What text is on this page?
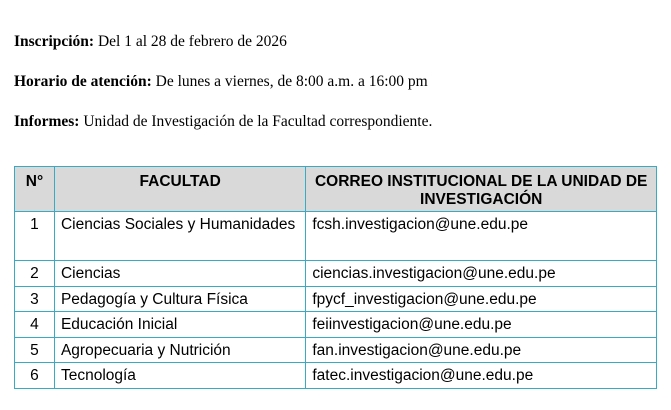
Inscripción: Del 1 al 28 de febrero de 2026
Horario de atención: De lunes a viernes, de 8:00 a.m. a 16:00 pm
Informes: Unidad de Investigación de la Facultad correspondiente.
N°	FACULTAD	CORREO INSTITUCIONAL DE LA UNIDAD DE INVESTIGACIÓN
1	Ciencias Sociales y Humanidades	fcsh.investigacion@une.edu.pe
2	Ciencias	ciencias.investigacion@une.edu.pe
3	Pedagogía y Cultura Física	fpycf_investigacion@une.edu.pe
4	Educación Inicial	feiinvestigacion@une.edu.pe
5	Agropecuaria y Nutrición	fan.investigacion@une.edu.pe
6	Tecnología	fatec.investigacion@une.edu.pe
